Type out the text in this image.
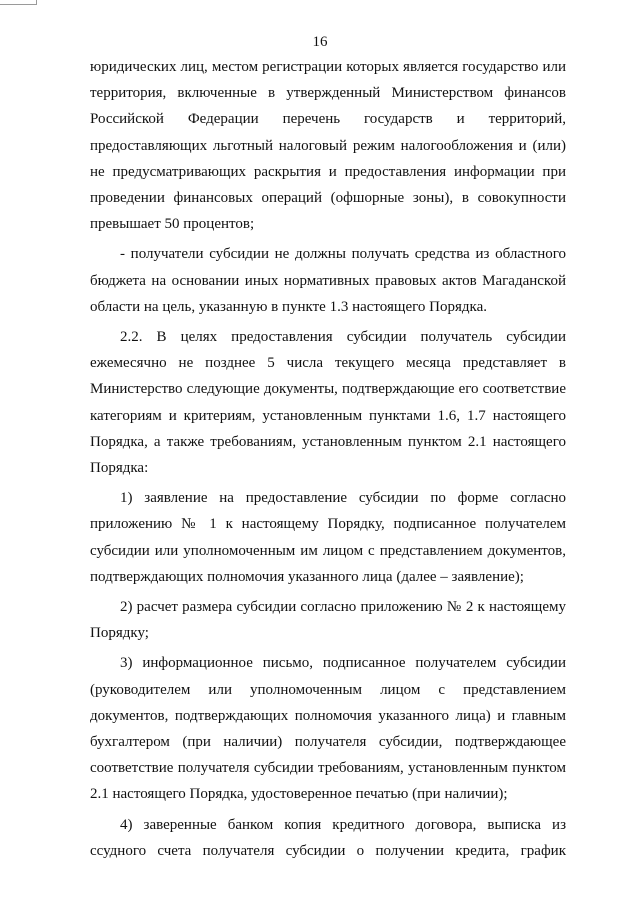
16

юридических лиц, местом регистрации которых является государство или территория, включенные в утвержденный Министерством финансов Российской Федерации перечень государств и территорий, предоставляющих льготный налоговый режим налогообложения и (или) не предусматривающих раскрытия и предоставления информации при проведении финансовых операций (офшорные зоны), в совокупности превышает 50 процентов;

- получатели субсидии не должны получать средства из областного бюджета на основании иных нормативных правовых актов Магаданской области на цель, указанную в пункте 1.3 настоящего Порядка.

2.2. В целях предоставления субсидии получатель субсидии ежемесячно не позднее 5 числа текущего месяца представляет в Министерство следующие документы, подтверждающие его соответствие категориям и критериям, установленным пунктами 1.6, 1.7 настоящего Порядка, а также требованиям, установленным пунктом 2.1 настоящего Порядка:

1) заявление на предоставление субсидии по форме согласно приложению № 1 к настоящему Порядку, подписанное получателем субсидии или уполномоченным им лицом с представлением документов, подтверждающих полномочия указанного лица (далее – заявление);

2) расчет размера субсидии согласно приложению № 2 к настоящему Порядку;

3) информационное письмо, подписанное получателем субсидии (руководителем или уполномоченным лицом с представлением документов, подтверждающих полномочия указанного лица) и главным бухгалтером (при наличии) получателя субсидии, подтверждающее соответствие получателя субсидии требованиям, установленным пунктом 2.1 настоящего Порядка, удостоверенное печатью (при наличии);

4) заверенные банком копия кредитного договора, выписка из ссудного счета получателя субсидии о получении кредита, график
